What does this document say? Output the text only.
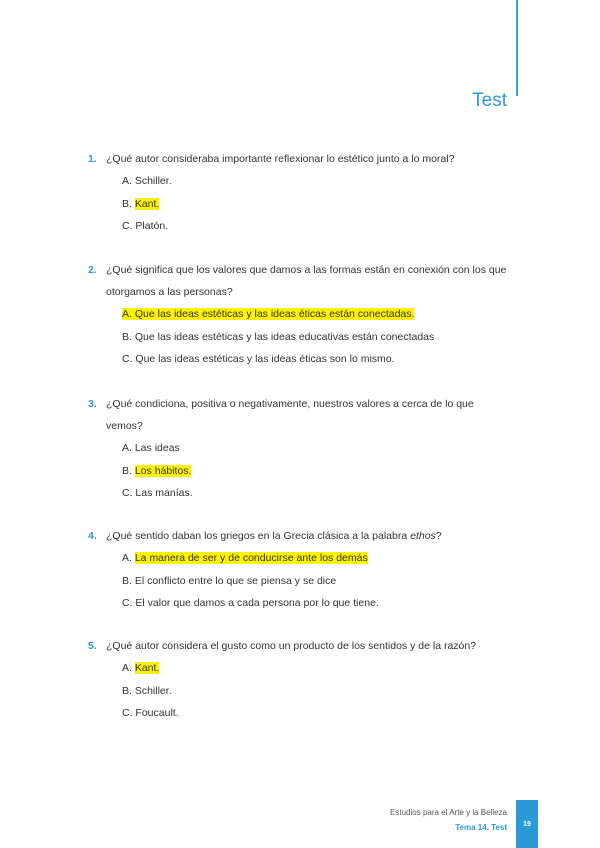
Test
1. ¿Qué autor consideraba importante reflexionar lo estético junto a lo moral?
A. Schiller.
B. Kant.
C. Platón.
2. ¿Qué significa que los valores que damos a las formas están en conexión con los que otorgamos a las personas?
A. Que las ideas estéticas y las ideas éticas están conectadas.
B. Que las ideas estéticas y las ideas educativas están conectadas
C. Que las ideas estéticas y las ideas éticas son lo mismo.
3. ¿Qué condiciona, positiva o negativamente, nuestros valores a cerca de lo que vemos?
A. Las ideas
B. Los hábitos.
C. Las manías.
4. ¿Qué sentido daban los griegos en la Grecia clásica a la palabra ethos?
A. La manera de ser y de conducirse ante los demás
B. El conflicto entre lo que se piensa y se dice
C. El valor que damos a cada persona por lo que tiene.
5. ¿Qué autor considera el gusto como un producto de los sentidos y de la razón?
A. Kant.
B. Schiller.
C. Foucault.
Estudios para el Arte y la Belleza
Tema 14. Test	19
